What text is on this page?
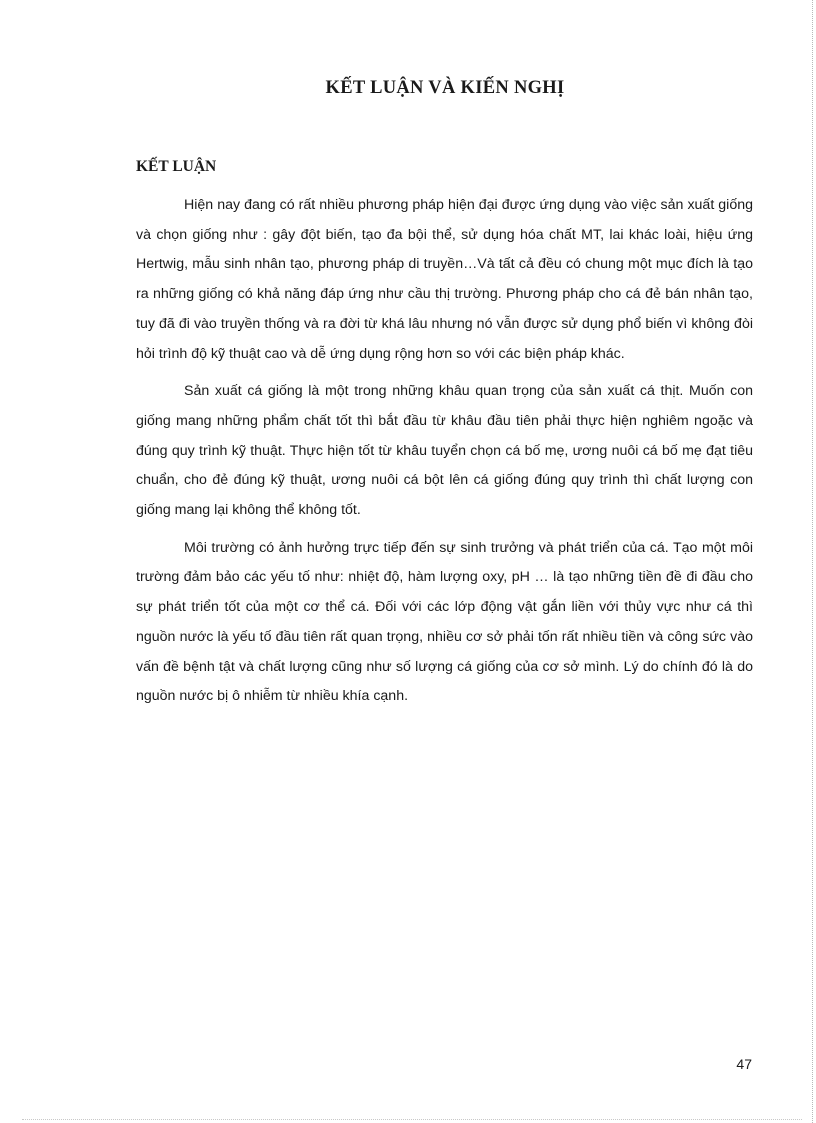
KẾT LUẬN VÀ KIẾN NGHỊ
KẾT LUẬN

Hiện nay đang có rất nhiều phương pháp hiện đại được ứng dụng vào việc sản xuất giống và chọn giống như : gây đột biến, tạo đa bội thể, sử dụng hóa chất MT, lai khác loài, hiệu ứng Hertwig, mẫu sinh nhân tạo, phương pháp di truyền…Và tất cả đều có chung một mục đích là tạo ra những giống có khả năng đáp ứng như cầu thị trường. Phương pháp cho cá đẻ bán nhân tạo, tuy đã đi vào truyền thống và ra đời từ khá lâu nhưng nó vẫn được sử dụng phổ biến vì không đòi hỏi trình độ kỹ thuật cao và dễ ứng dụng rộng hơn so với các biện pháp khác.

Sản xuất cá giống là một trong những khâu quan trọng của sản xuất cá thịt. Muốn con giống mang những phẩm chất tốt thì bắt đầu từ khâu đầu tiên phải thực hiện nghiêm ngoặc và đúng quy trình kỹ thuật. Thực hiện tốt từ khâu tuyển chọn cá bố mẹ, ương nuôi cá bố mẹ đạt tiêu chuẩn, cho đẻ đúng kỹ thuật, ương nuôi cá bột lên cá giống đúng quy trình thì chất lượng con giống mang lại không thể không tốt.

Môi trường có ảnh hưởng trực tiếp đến sự sinh trưởng và phát triển của cá. Tạo một môi trường đảm bảo các yếu tố như: nhiệt độ, hàm lượng oxy, pH … là tạo những tiền đề đi đầu cho sự phát triển tốt của một cơ thể cá. Đối với các lớp động vật gắn liền với thủy vực như cá thì nguồn nước là yếu tố đầu tiên rất quan trọng, nhiều cơ sở phải tốn rất nhiều tiền và công sức vào vấn đề bệnh tật và chất lượng cũng như số lượng cá giống của cơ sở mình. Lý do chính đó là do nguồn nước bị ô nhiễm từ nhiều khía cạnh.

47
